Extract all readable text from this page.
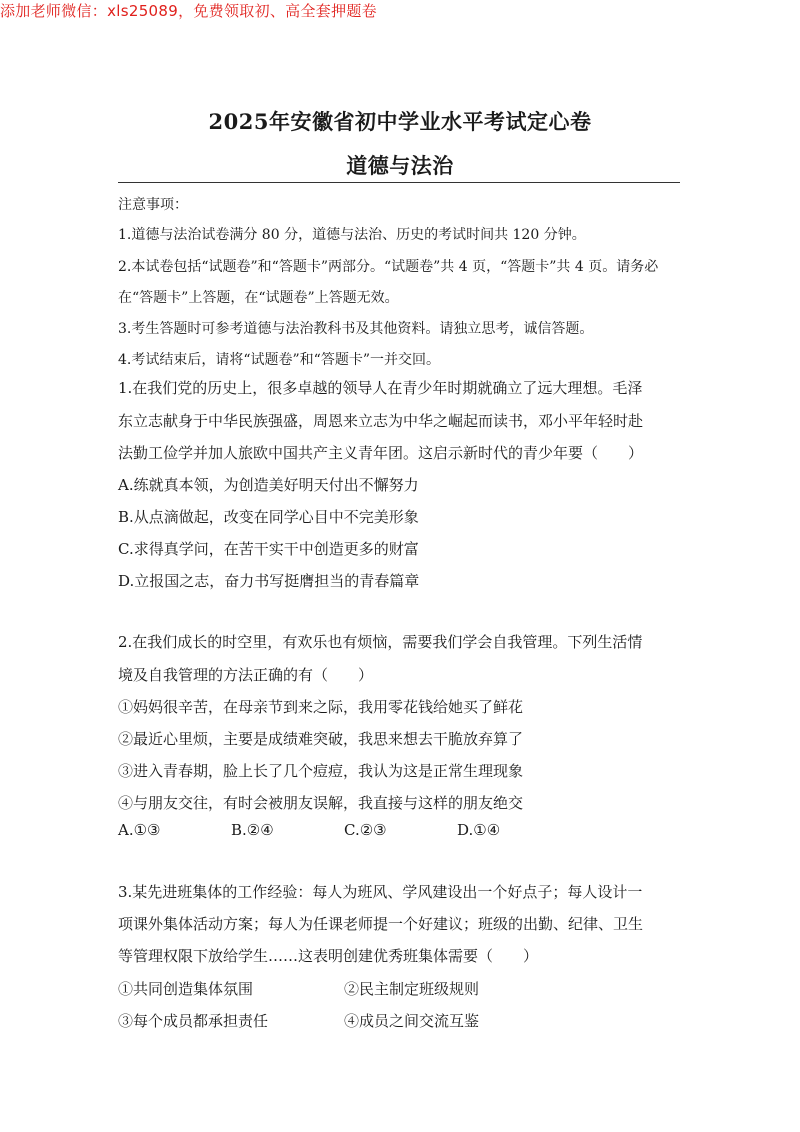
添加老师微信：xls25089，免费领取初、高全套押题卷
2025年安徽省初中学业水平考试定心卷
道德与法治
注意事项：
1.道德与法治试卷满分 80 分，道德与法治、历史的考试时间共 120 分钟。
2.本试卷包括“试题卷”和“答题卡”两部分。“试题卷”共 4 页，“答题卡”共 4 页。请务必
在“答题卡”上答题，在“试题卷”上答题无效。
3.考生答题时可参考道德与法治教科书及其他资料。请独立思考，诚信答题。
4.考试结束后，请将“试题卷”和“答题卡”一并交回。
1.在我们党的历史上，很多卓越的领导人在青少年时期就确立了远大理想。毛泽
东立志献身于中华民族强盛，周恩来立志为中华之崛起而读书，邓小平年轻时赴
法勤工俭学并加人旅欧中国共产主义青年团。这启示新时代的青少年要（　　）
A.练就真本领，为创造美好明天付出不懈努力
B.从点滴做起，改变在同学心目中不完美形象
C.求得真学问，在苦干实干中创造更多的财富
D.立报国之志，奋力书写挺膺担当的青春篇章
2.在我们成长的时空里，有欢乐也有烦恼，需要我们学会自我管理。下列生活情
境及自我管理的方法正确的有（　　）
①妈妈很辛苦，在母亲节到来之际，我用零花钱给她买了鲜花
②最近心里烦，主要是成绩难突破，我思来想去干脆放弃算了
③进入青春期，脸上长了几个痘痘，我认为这是正常生理现象
④与朋友交往，有时会被朋友误解，我直接与这样的朋友绝交
A.①③	B.②④	C.②③	D.①④
3.某先进班集体的工作经验：每人为班风、学风建设出一个好点子；每人设计一
项课外集体活动方案；每人为任课老师提一个好建议；班级的出勤、纪律、卫生
等管理权限下放给学生……这表明创建优秀班集体需要（　　）
①共同创造集体氛围	②民主制定班级规则
③每个成员都承担责任	④成员之间交流互鉴
